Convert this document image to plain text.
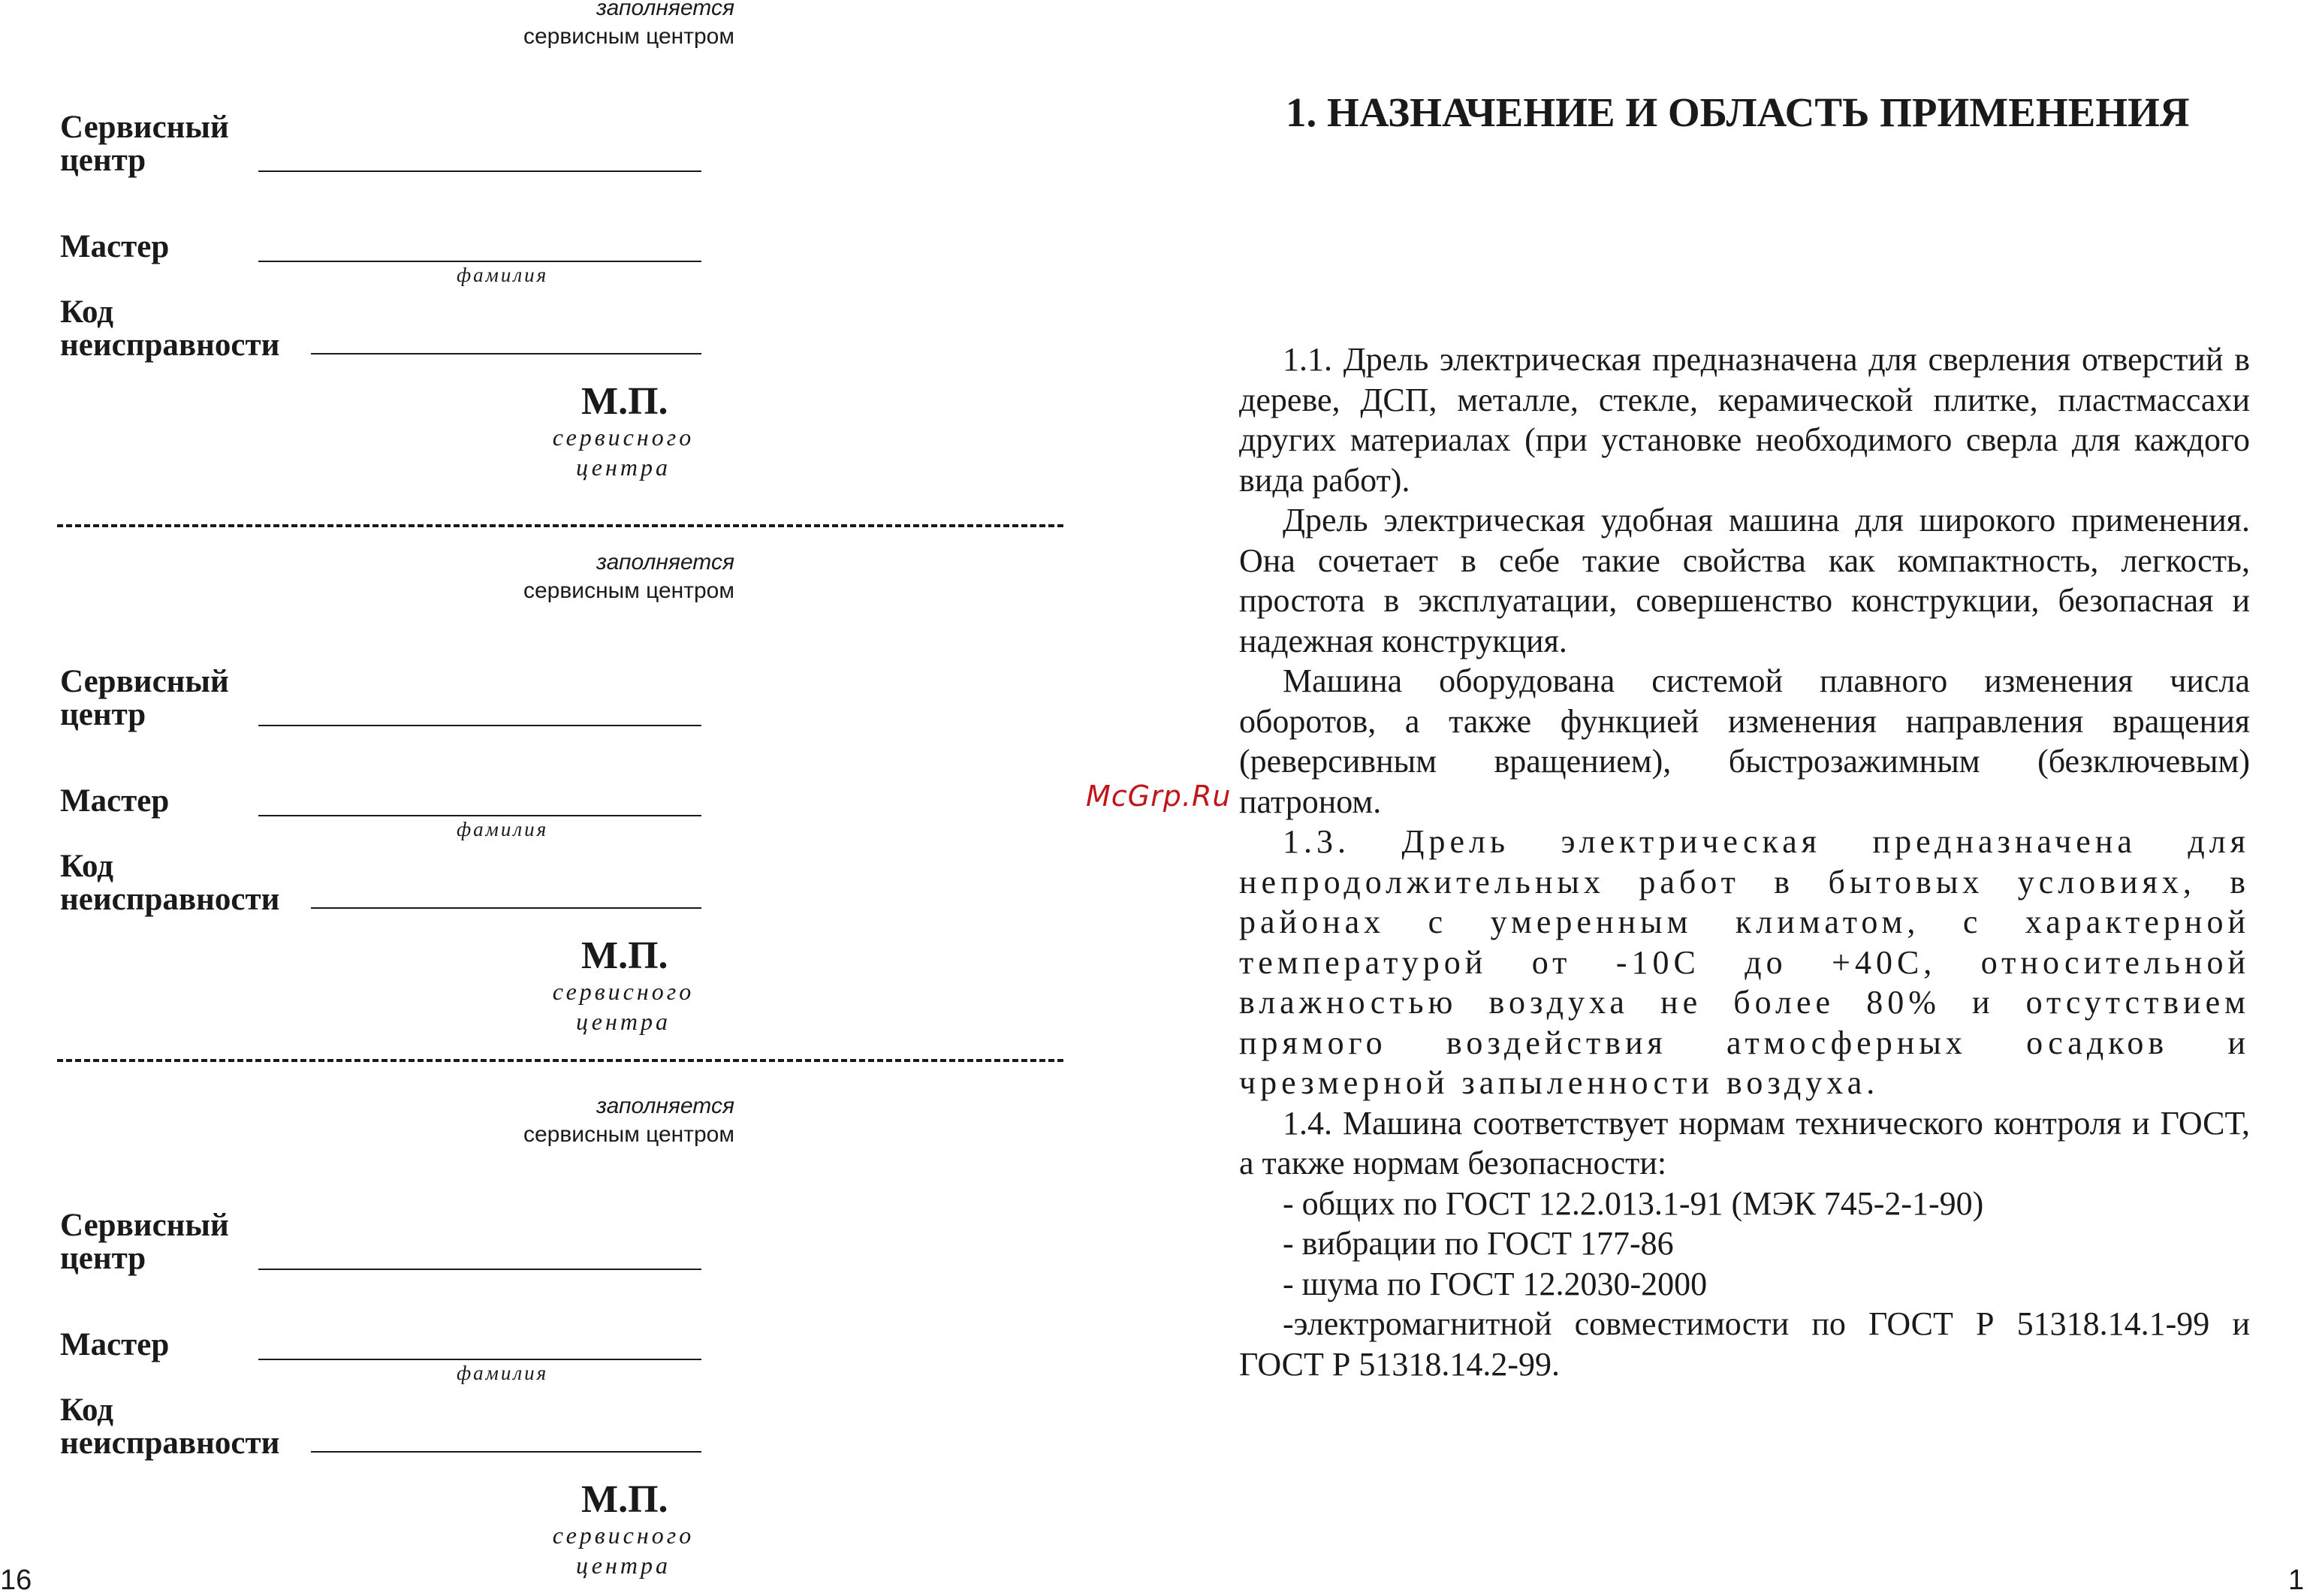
заполняется
сервисным центром
Сервисный
центр
Мастер
фамилия
Код
неисправности
М.П.
сервисного
центра
заполняется
сервисным центром
Сервисный
центр
Мастер
фамилия
Код
неисправности
М.П.
сервисного
центра
заполняется
сервисным центром
Сервисный
центр
Мастер
фамилия
Код
неисправности
М.П.
сервисного
центра
16
1. НАЗНАЧЕНИЕ И ОБЛАСТЬ ПРИМЕНЕНИЯ

1.1. Дрель электрическая предназначена для сверления отверстий в дереве, ДСП, металле, стекле, керамической плитке, пластмассахи других материалах (при установке необходимого сверла для каждого вида работ).

Дрель электрическая удобная машина для широкого применения. Она сочетает в себе такие свойства как компактность, легкость, простота в эксплуатации, совершенство конструкции, безопасная и надежная конструкция.

Машина оборудована системой плавного изменения числа оборотов, а также функцией изменения направления вращения (реверсивным вращением), быстрозажимным (безключевым) патроном.

1.3. Дрель электрическая предназначена для непродолжительных работ в бытовых условиях, в районах с умеренным климатом, с характерной температурой от -10С до +40С, относительной влажностью воздуха не более 80% и отсутствием прямого воздействия атмосферных осадков и чрезмерной запыленности воздуха.

1.4. Машина соответствует нормам технического контроля и ГОСТ, а также нормам безопасности:

- общих по ГОСТ 12.2.013.1-91 (МЭК 745-2-1-90)

- вибрации по ГОСТ 177-86

- шума по ГОСТ 12.2030-2000

-электромагнитной совместимости по ГОСТ Р 51318.14.1-99 и ГОСТ Р 51318.14.2-99.

1
McGrp.Ru
